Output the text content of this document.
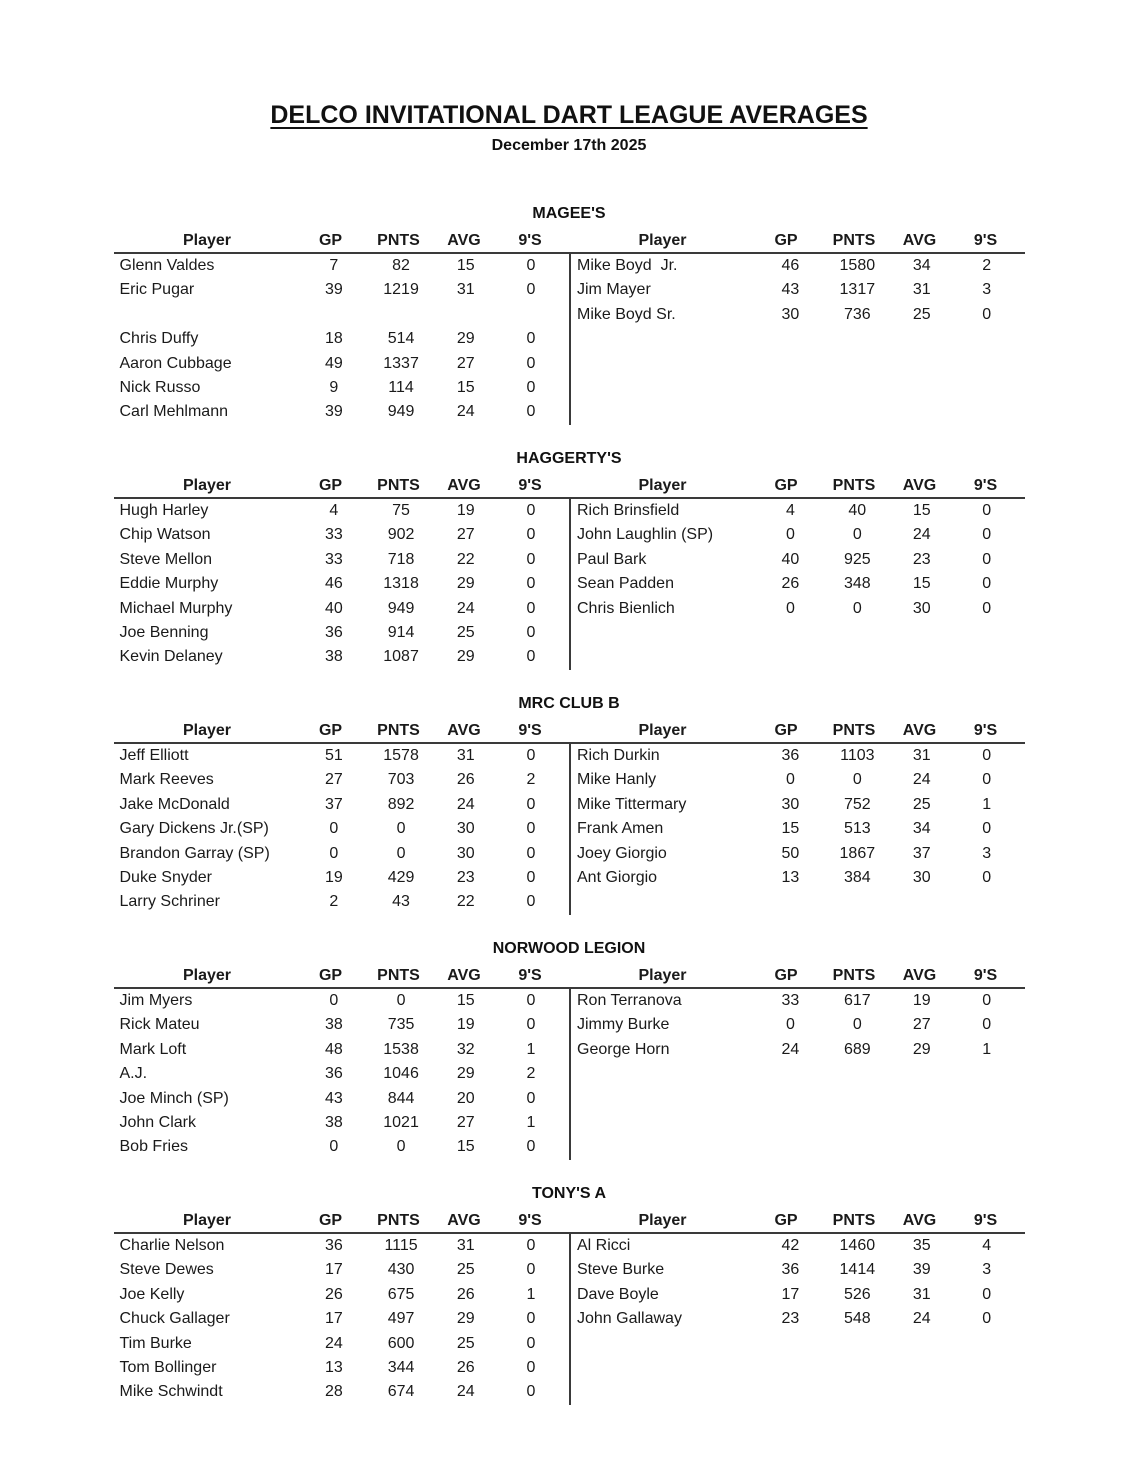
DELCO INVITATIONAL DART LEAGUE AVERAGES
December 17th 2025
MAGEE'S
Player	GP	PNTS	AVG	9'S
Glenn Valdes	7	82	15	0
Eric Pugar	39	1219	31	0
Chris Duffy	18	514	29	0
Aaron Cubbage	49	1337	27	0
Nick Russo	9	114	15	0
Carl Mehlmann	39	949	24	0
Player	GP	PNTS	AVG	9'S
Mike Boyd  Jr.	46	1580	34	2
Jim Mayer	43	1317	31	3
Mike Boyd Sr.	30	736	25	0
HAGGERTY'S
Player	GP	PNTS	AVG	9'S
Hugh Harley	4	75	19	0
Chip Watson	33	902	27	0
Steve Mellon	33	718	22	0
Eddie Murphy	46	1318	29	0
Michael Murphy	40	949	24	0
Joe Benning	36	914	25	0
Kevin Delaney	38	1087	29	0
Player	GP	PNTS	AVG	9'S
Rich Brinsfield	4	40	15	0
John Laughlin (SP)	0	0	24	0
Paul Bark	40	925	23	0
Sean Padden	26	348	15	0
Chris Bienlich	0	0	30	0
MRC CLUB B
Player	GP	PNTS	AVG	9'S
Jeff Elliott	51	1578	31	0
Mark Reeves	27	703	26	2
Jake McDonald	37	892	24	0
Gary Dickens Jr.(SP)	0	0	30	0
Brandon Garray (SP)	0	0	30	0
Duke Snyder	19	429	23	0
Larry Schriner	2	43	22	0
Player	GP	PNTS	AVG	9'S
Rich Durkin	36	1103	31	0
Mike Hanly	0	0	24	0
Mike Tittermary	30	752	25	1
Frank Amen	15	513	34	0
Joey Giorgio	50	1867	37	3
Ant Giorgio	13	384	30	0
NORWOOD LEGION
Player	GP	PNTS	AVG	9'S
Jim Myers	0	0	15	0
Rick Mateu	38	735	19	0
Mark Loft	48	1538	32	1
A.J.	36	1046	29	2
Joe Minch (SP)	43	844	20	0
John Clark	38	1021	27	1
Bob Fries	0	0	15	0
Player	GP	PNTS	AVG	9'S
Ron Terranova	33	617	19	0
Jimmy Burke	0	0	27	0
George Horn	24	689	29	1
TONY'S A
Player	GP	PNTS	AVG	9'S
Charlie Nelson	36	1115	31	0
Steve Dewes	17	430	25	0
Joe Kelly	26	675	26	1
Chuck Gallager	17	497	29	0
Tim Burke	24	600	25	0
Tom Bollinger	13	344	26	0
Mike Schwindt	28	674	24	0
Player	GP	PNTS	AVG	9'S
Al Ricci	42	1460	35	4
Steve Burke	36	1414	39	3
Dave Boyle	17	526	31	0
John Gallaway	23	548	24	0
